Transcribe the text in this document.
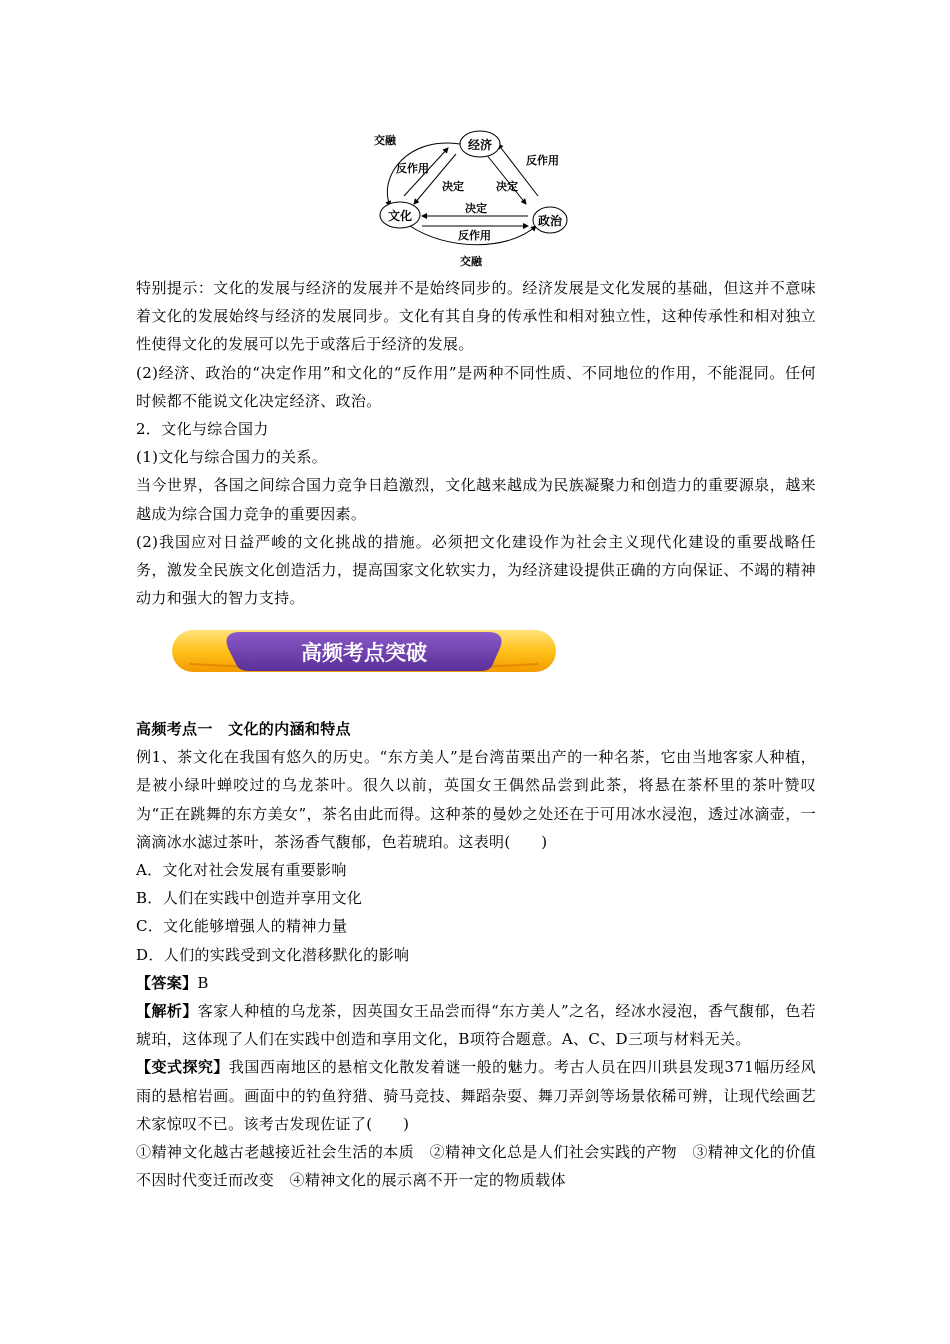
经济
文化	政治
交融
反作用
反作用
决定	决定
决定
反作用
交融

特别提示：文化的发展与经济的发展并不是始终同步的。经济发展是文化发展的基础，但这并不意味着文化的发展始终与经济的发展同步。文化有其自身的传承性和相对独立性，这种传承性和相对独立性使得文化的发展可以先于或落后于经济的发展。

(2)经济、政治的“决定作用”和文化的“反作用”是两种不同性质、不同地位的作用，不能混同。任何时候都不能说文化决定经济、政治。

2．文化与综合国力

(1)文化与综合国力的关系。

当今世界，各国之间综合国力竞争日趋激烈，文化越来越成为民族凝聚力和创造力的重要源泉，越来越成为综合国力竞争的重要因素。

(2)我国应对日益严峻的文化挑战的措施。必须把文化建设作为社会主义现代化建设的重要战略任务，激发全民族文化创造活力，提高国家文化软实力，为经济建设提供正确的方向保证、不竭的精神动力和强大的智力支持。

高频考点突破

高频考点一　文化的内涵和特点

例1、茶文化在我国有悠久的历史。“东方美人”是台湾苗栗出产的一种名茶，它由当地客家人种植，是被小绿叶蝉咬过的乌龙茶叶。很久以前，英国女王偶然品尝到此茶，将悬在茶杯里的茶叶赞叹为“正在跳舞的东方美女”，茶名由此而得。这种茶的曼妙之处还在于可用冰水浸泡，透过冰滴壶，一滴滴冰水滤过茶叶，茶汤香气馥郁，色若琥珀。这表明(　　)

A．文化对社会发展有重要影响

B．人们在实践中创造并享用文化

C．文化能够增强人的精神力量

D．人们的实践受到文化潜移默化的影响

【答案】B

【解析】客家人种植的乌龙茶，因英国女王品尝而得“东方美人”之名，经冰水浸泡，香气馥郁，色若琥珀，这体现了人们在实践中创造和享用文化，B项符合题意。A、C、D三项与材料无关。

【变式探究】我国西南地区的悬棺文化散发着谜一般的魅力。考古人员在四川珙县发现371幅历经风雨的悬棺岩画。画面中的钓鱼狩猎、骑马竞技、舞蹈杂耍、舞刀弄剑等场景依稀可辨，让现代绘画艺术家惊叹不已。该考古发现佐证了(　　)

①精神文化越古老越接近社会生活的本质　②精神文化总是人们社会实践的产物　③精神文化的价值不因时代变迁而改变　④精神文化的展示离不开一定的物质载体
